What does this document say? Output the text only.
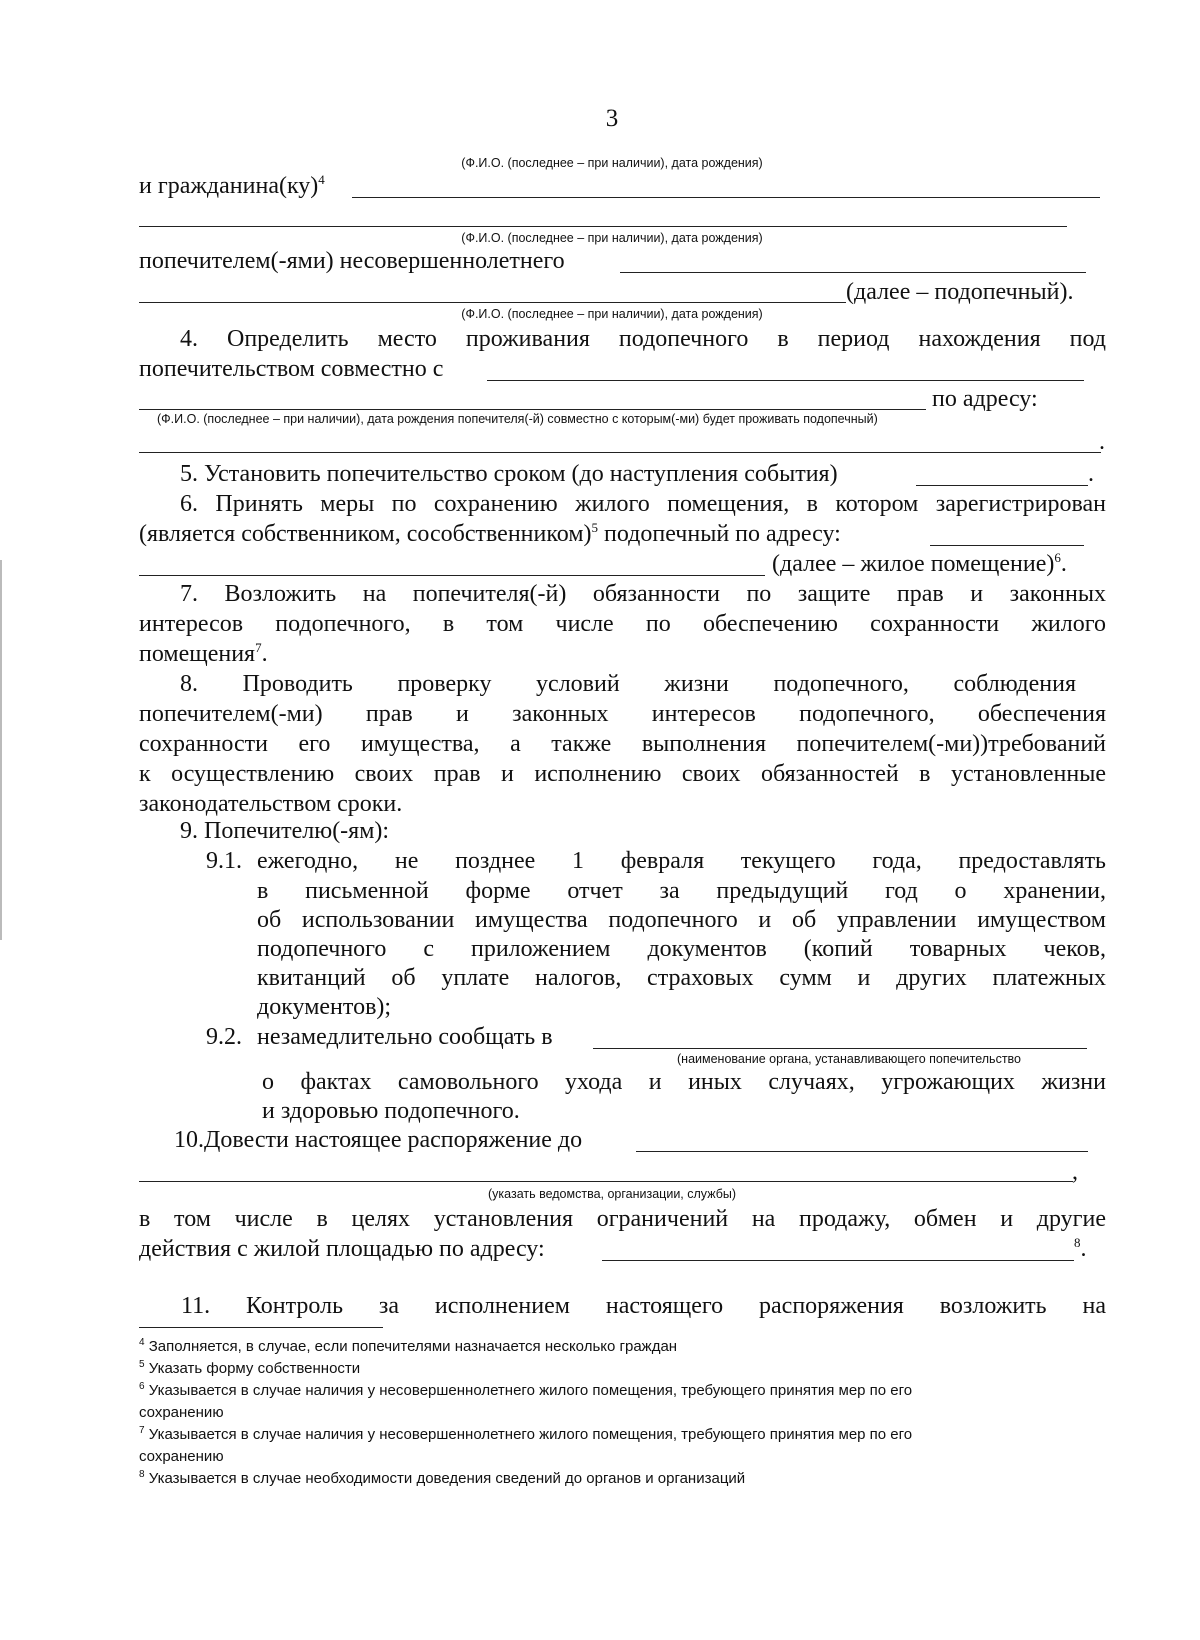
3
(Ф.И.О. (последнее – при наличии), дата рождения)
и гражданина(ку)$^4$
(Ф.И.О. (последнее – при наличии), дата рождения)
попечителем(-ями) несовершеннолетнего
(далее – подопечный).
(Ф.И.О. (последнее – при наличии), дата рождения)
4. Определить место проживания подопечного в период нахождения под
попечительством совместно с
по адресу:
(Ф.И.О. (последнее – при наличии), дата рождения попечителя(-й) совместно с которым(-ми) будет проживать подопечный)
.
5. Установить попечительство сроком (до наступления события)	.
6. Принять меры по сохранению жилого помещения, в котором зарегистрирован
(является собственником, сособственником)$^5$ подопечный по адресу:
(далее – жилое помещение)$^6$.
7. Возложить на попечителя(-й) обязанности по защите прав и законных
интересов подопечного, в том числе по обеспечению сохранности жилого
помещения$^7$.
8. Проводить проверку условий жизни подопечного, соблюдения
попечителем(-ми) прав и законных интересов подопечного, обеспечения
сохранности его имущества, а также выполнения попечителем(-ми))требований
к осуществлению своих прав и исполнению своих обязанностей в установленные
законодательством сроки.
9. Попечителю(-ям):
9.1. ежегодно, не позднее 1 февраля текущего года, предоставлять
в письменной форме отчет за предыдущий год о хранении,
об использовании имущества подопечного и об управлении имуществом
подопечного с приложением документов (копий товарных чеков,
квитанций об уплате налогов, страховых сумм и других платежных
документов);
9.2. незамедлительно сообщать в
(наименование органа, устанавливающего попечительство
о фактах самовольного ухода и иных случаях, угрожающих жизни
и здоровью подопечного.
10.Довести настоящее распоряжение до
,
(указать ведомства, организации, службы)
в том числе в целях установления ограничений на продажу, обмен и другие
действия с жилой площадью по адресу:	$^8$.
11. Контроль за исполнением настоящего распоряжения возложить на
$^4$ Заполняется, в случае, если попечителями назначается несколько граждан
$^5$ Указать форму собственности
$^6$ Указывается в случае наличия у несовершеннолетнего жилого помещения, требующего принятия мер по его
сохранению
$^7$ Указывается в случае наличия у несовершеннолетнего жилого помещения, требующего принятия мер по его
сохранению
$^8$ Указывается в случае необходимости доведения сведений до органов и организаций
